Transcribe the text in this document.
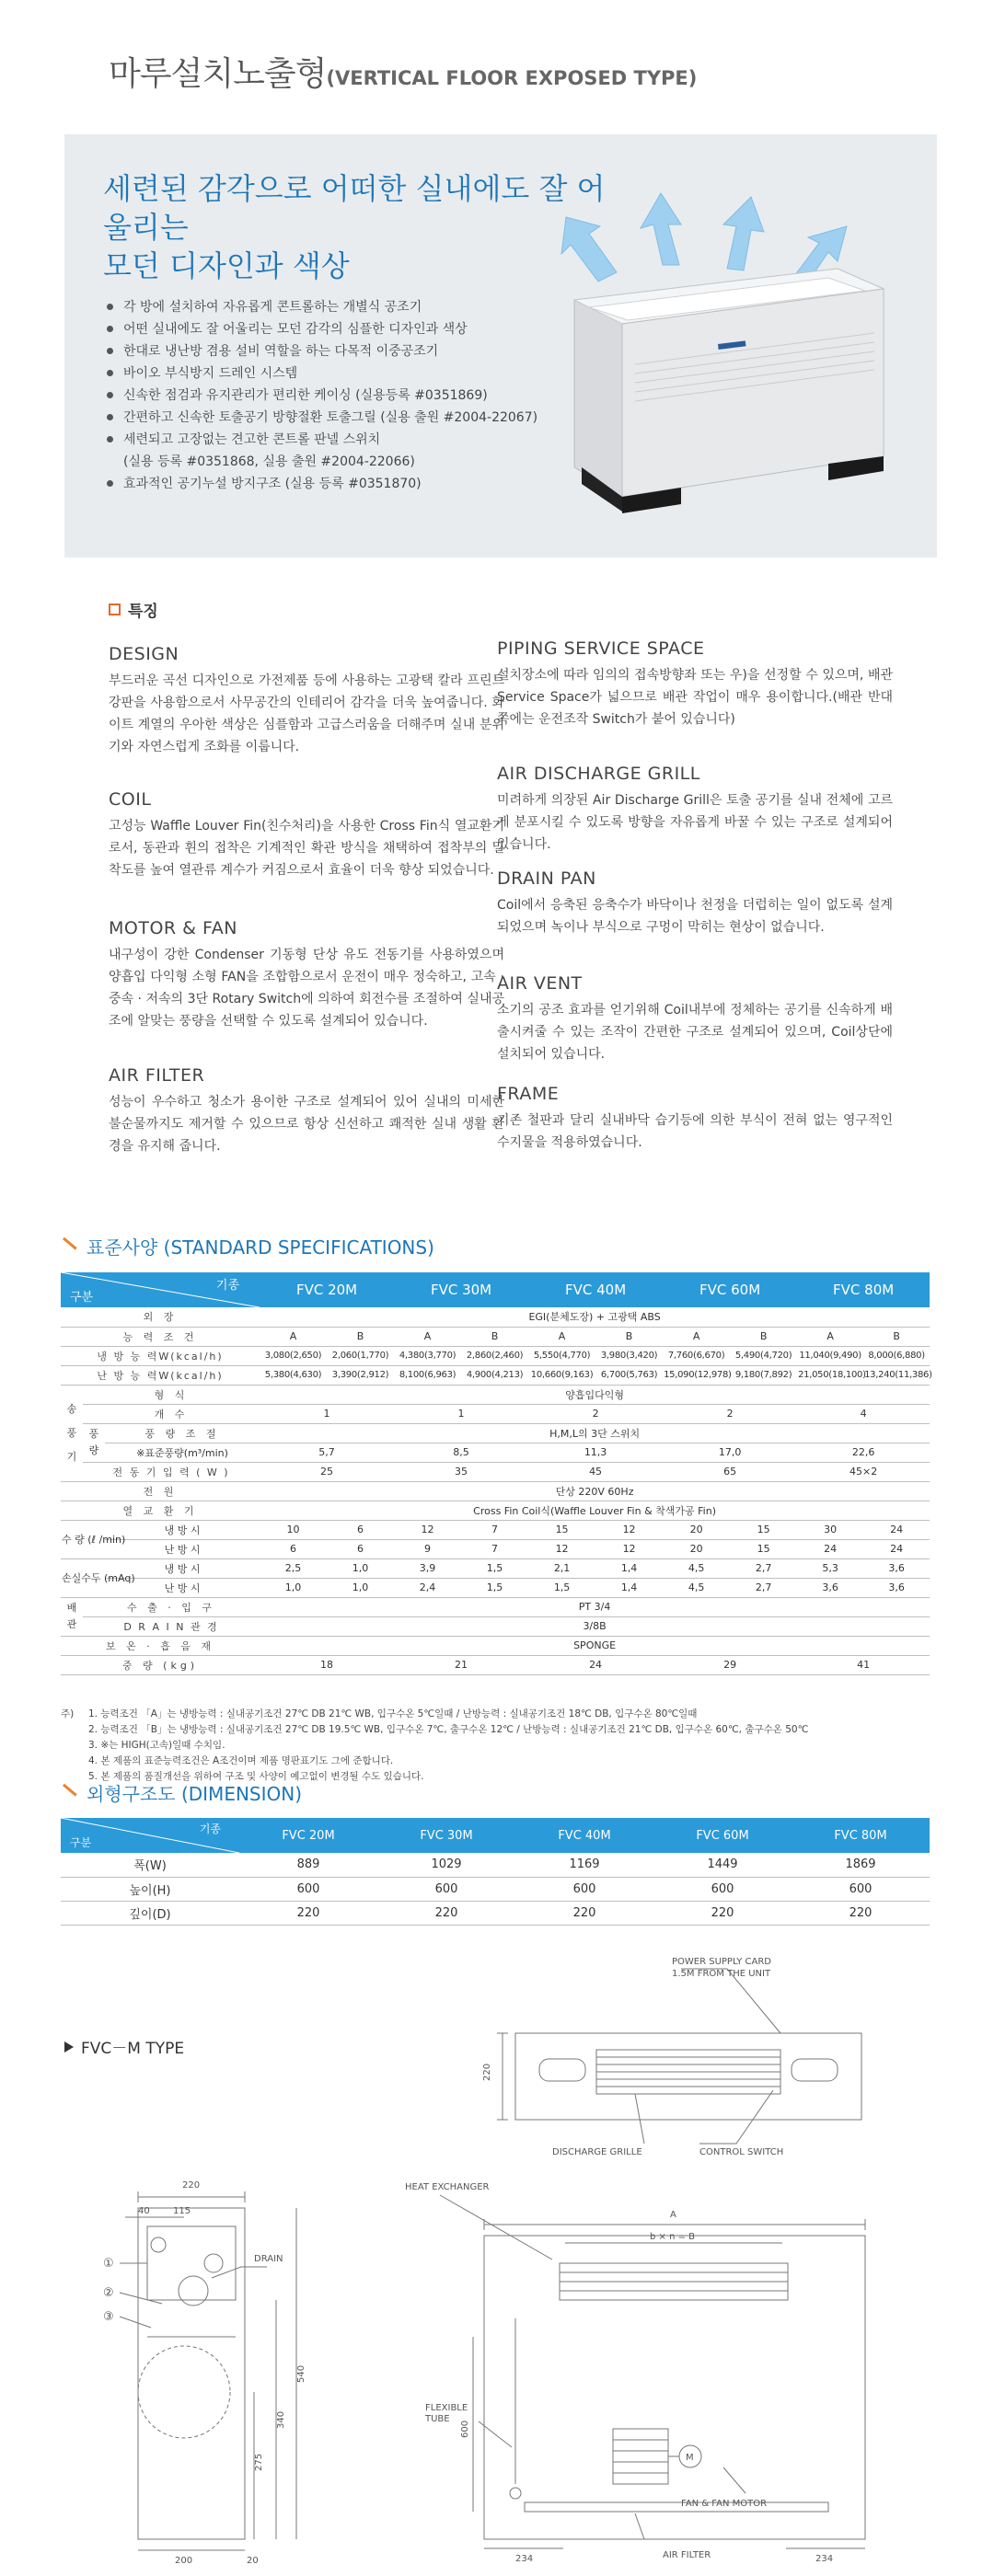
마루설치노출형(VERTICAL FLOOR EXPOSED TYPE)
세련된 감각으로 어떠한 실내에도 잘 어울리는
모던 디자인과 색상
각 방에 설치하여 자유롭게 콘트롤하는 개별식 공조기
어떤 실내에도 잘 어울리는 모던 감각의 심플한 디자인과 색상
한대로 냉난방 겸용 설비 역할을 하는 다목적 이중공조기
바이오 부식방지 드레인 시스템
신속한 점검과 유지관리가 편리한 케이싱 (실용등록 #0351869)
간편하고 신속한 토출공기 방향절환 토출그릴 (실용 출원 #2004-22067)
세련되고 고장없는 견고한 콘트롤 판넬 스위치
(실용 등록 #0351868, 실용 출원 #2004-22066)
효과적인 공기누설 방지구조 (실용 등록 #0351870)
특징
DESIGN

부드러운 곡선 디자인으로 가전제품 등에 사용하는 고광택 칼라 프린트 강판을 사용함으로서 사무공간의 인테리어 감각을 더욱 높여줍니다. 화이트 계열의 우아한 색상은 심플함과 고급스러움을 더해주며 실내 분위기와 자연스럽게 조화를 이룹니다.

COIL

고성능 Waffle Louver Fin(친수처리)을 사용한 Cross Fin식 열교환기로서, 동관과 휜의 접착은 기계적인 확관 방식을 채택하여 접착부의 밀착도를 높여 열관류 계수가 커짐으로서 효율이 더욱 향상 되었습니다.

MOTOR & FAN

내구성이 강한 Condenser 기동형 단상 유도 전동기를 사용하였으며 양흡입 다익형 소형 FAN을 조합함으로서 운전이 매우 정숙하고, 고속 · 중속 · 저속의 3단 Rotary Switch에 의하여 회전수를 조절하여 실내공조에 알맞는 풍량을 선택할 수 있도록 설계되어 있습니다.

AIR FILTER

성능이 우수하고 청소가 용이한 구조로 설계되어 있어 실내의 미세한 불순물까지도 제거할 수 있으므로 항상 신선하고 쾌적한 실내 생활 환경을 유지해 줍니다.

PIPING SERVICE SPACE

설치장소에 따라 임의의 접속방향좌 또는 우)을 선정할 수 있으며, 배관 Service Space가 넓으므로 배관 작업이 매우 용이합니다.(배관 반대쪽에는 운전조작 Switch가 붙어 있습니다)

AIR DISCHARGE GRILL

미려하게 의장된 Air Discharge Grill은 토출 공기를 실내 전체에 고르게 분포시킬 수 있도록 방향을 자유롭게 바꿀 수 있는 구조로 설계되어 있습니다.

DRAIN PAN

Coil에서 응축된 응축수가 바닥이나 천정을 더럽히는 일이 없도록 설계되었으며 녹이나 부식으로 구멍이 막히는 현상이 없습니다.

AIR VENT

소기의 공조 효과를 얻기위해 Coil내부에 정체하는 공기를 신속하게 배출시켜줄 수 있는 조작이 간편한 구조로 설계되어 있으며, Coil상단에 설치되어 있습니다.

FRAME

기존 철판과 달리 실내바닥 습기등에 의한 부식이 전혀 없는 영구적인 수지물을 적용하였습니다.

표준사양 (STANDARD SPECIFICATIONS)
기종
구분			FVC 20M		FVC 30M		FVC 40M		FVC 60M		FVC 80M	
외 장			EGI(분체도장) + 고광택 ABS									
능 력 조 건			A	B	A	B	A	B	A	B	A	B
냉 방 능 력W(kcal/h)			3,080(2,650)	2,060(1,770)	4,380(3,770)	2,860(2,460)	5,550(4,770)	3,980(3,420)	7,760(6,670)	5,490(4,720)	11,040(9,490)	8,000(6,880)
난 방 능 력W(kcal/h)			5,380(4,630)	3,390(2,912)	8,100(6,963)	4,900(4,213)	10,660(9,163)	6,700(5,763)	15,090(12,978)	9,180(7,892)	21,050(18,100)	13,240(11,386)
송 풍 기	형 식		양흡입다익형									
	개 수		1		1		2		2		4	
	풍 량	풍 량 조 절	H,M,L의 3단 스위치									
		※표준풍량(m³/min)	5,7		8,5		11,3		17,0		22,6	
	전 동 기 입 력 ( W )		25		35		45		65		45×2	
전 원			단상 220V 60Hz									
열 교 환 기			Cross Fin Coil식(Waffle Louver Fin & 착색가공 Fin)									
수 량 (ℓ /min)		냉 방 시	10	6	12	7	15	12	20	15	30	24
		난 방 시	6	6	9	7	12	12	20	15	24	24
손실수두 (mAq)		냉 방 시	2,5	1,0	3,9	1,5	2,1	1,4	4,5	2,7	5,3	3,6
		난 방 시	1,0	1,0	2,4	1,5	1,5	1,4	4,5	2,7	3,6	3,6
배 관	수 출 · 입 구		PT 3/4									
	D R A I N 관 경		3/8B									
보 온 · 흡 음 재			SPONGE									
중 량 (kg)			18		21		24		29		41	
주)	1. 능력조건 「A」는 냉방능력 : 실내공기조건 27℃ DB 21℃ WB, 입구수온 5℃일때 / 난방능력 : 실내공기조건 18℃ DB, 입구수온 80℃일때
2. 능력조건 「B」는 냉방능력 : 실내공기조건 27℃ DB 19.5℃ WB, 입구수온 7℃, 출구수온 12℃ / 난방능력 : 실내공기조건 21℃ DB, 입구수온 60℃, 출구수온 50℃
3. ※는 HIGH(고속)일때 수치임.
4. 본 제품의 표준능력조건은 A조건이며 제품 명판표기도 그에 준합니다.
5. 본 제품의 품질개선을 위하여 구조 및 사양이 예고없이 변경될 수도 있습니다.
외형구조도 (DIMENSION)
기종
구분	FVC 20M	FVC 30M	FVC 40M	FVC 60M	FVC 80M
폭(W)	889	1029	1169	1449	1869
높이(H)	600	600	600	600	600
깊이(D)	220	220	220	220	220
FVC－M TYPE
POWER SUPPLY CARD
1.5M FROM THE UNIT
220
DISCHARGE GRILLE	CONTROL SWITCH
220
40	115
DRAIN
275
340
540
200	20
①
②
③
HEAT EXCHANGER
A
b × n = B
FLEXIBLE
TUBE
600
M
FAN & FAN MOTOR
AIR FILTER
234	234
